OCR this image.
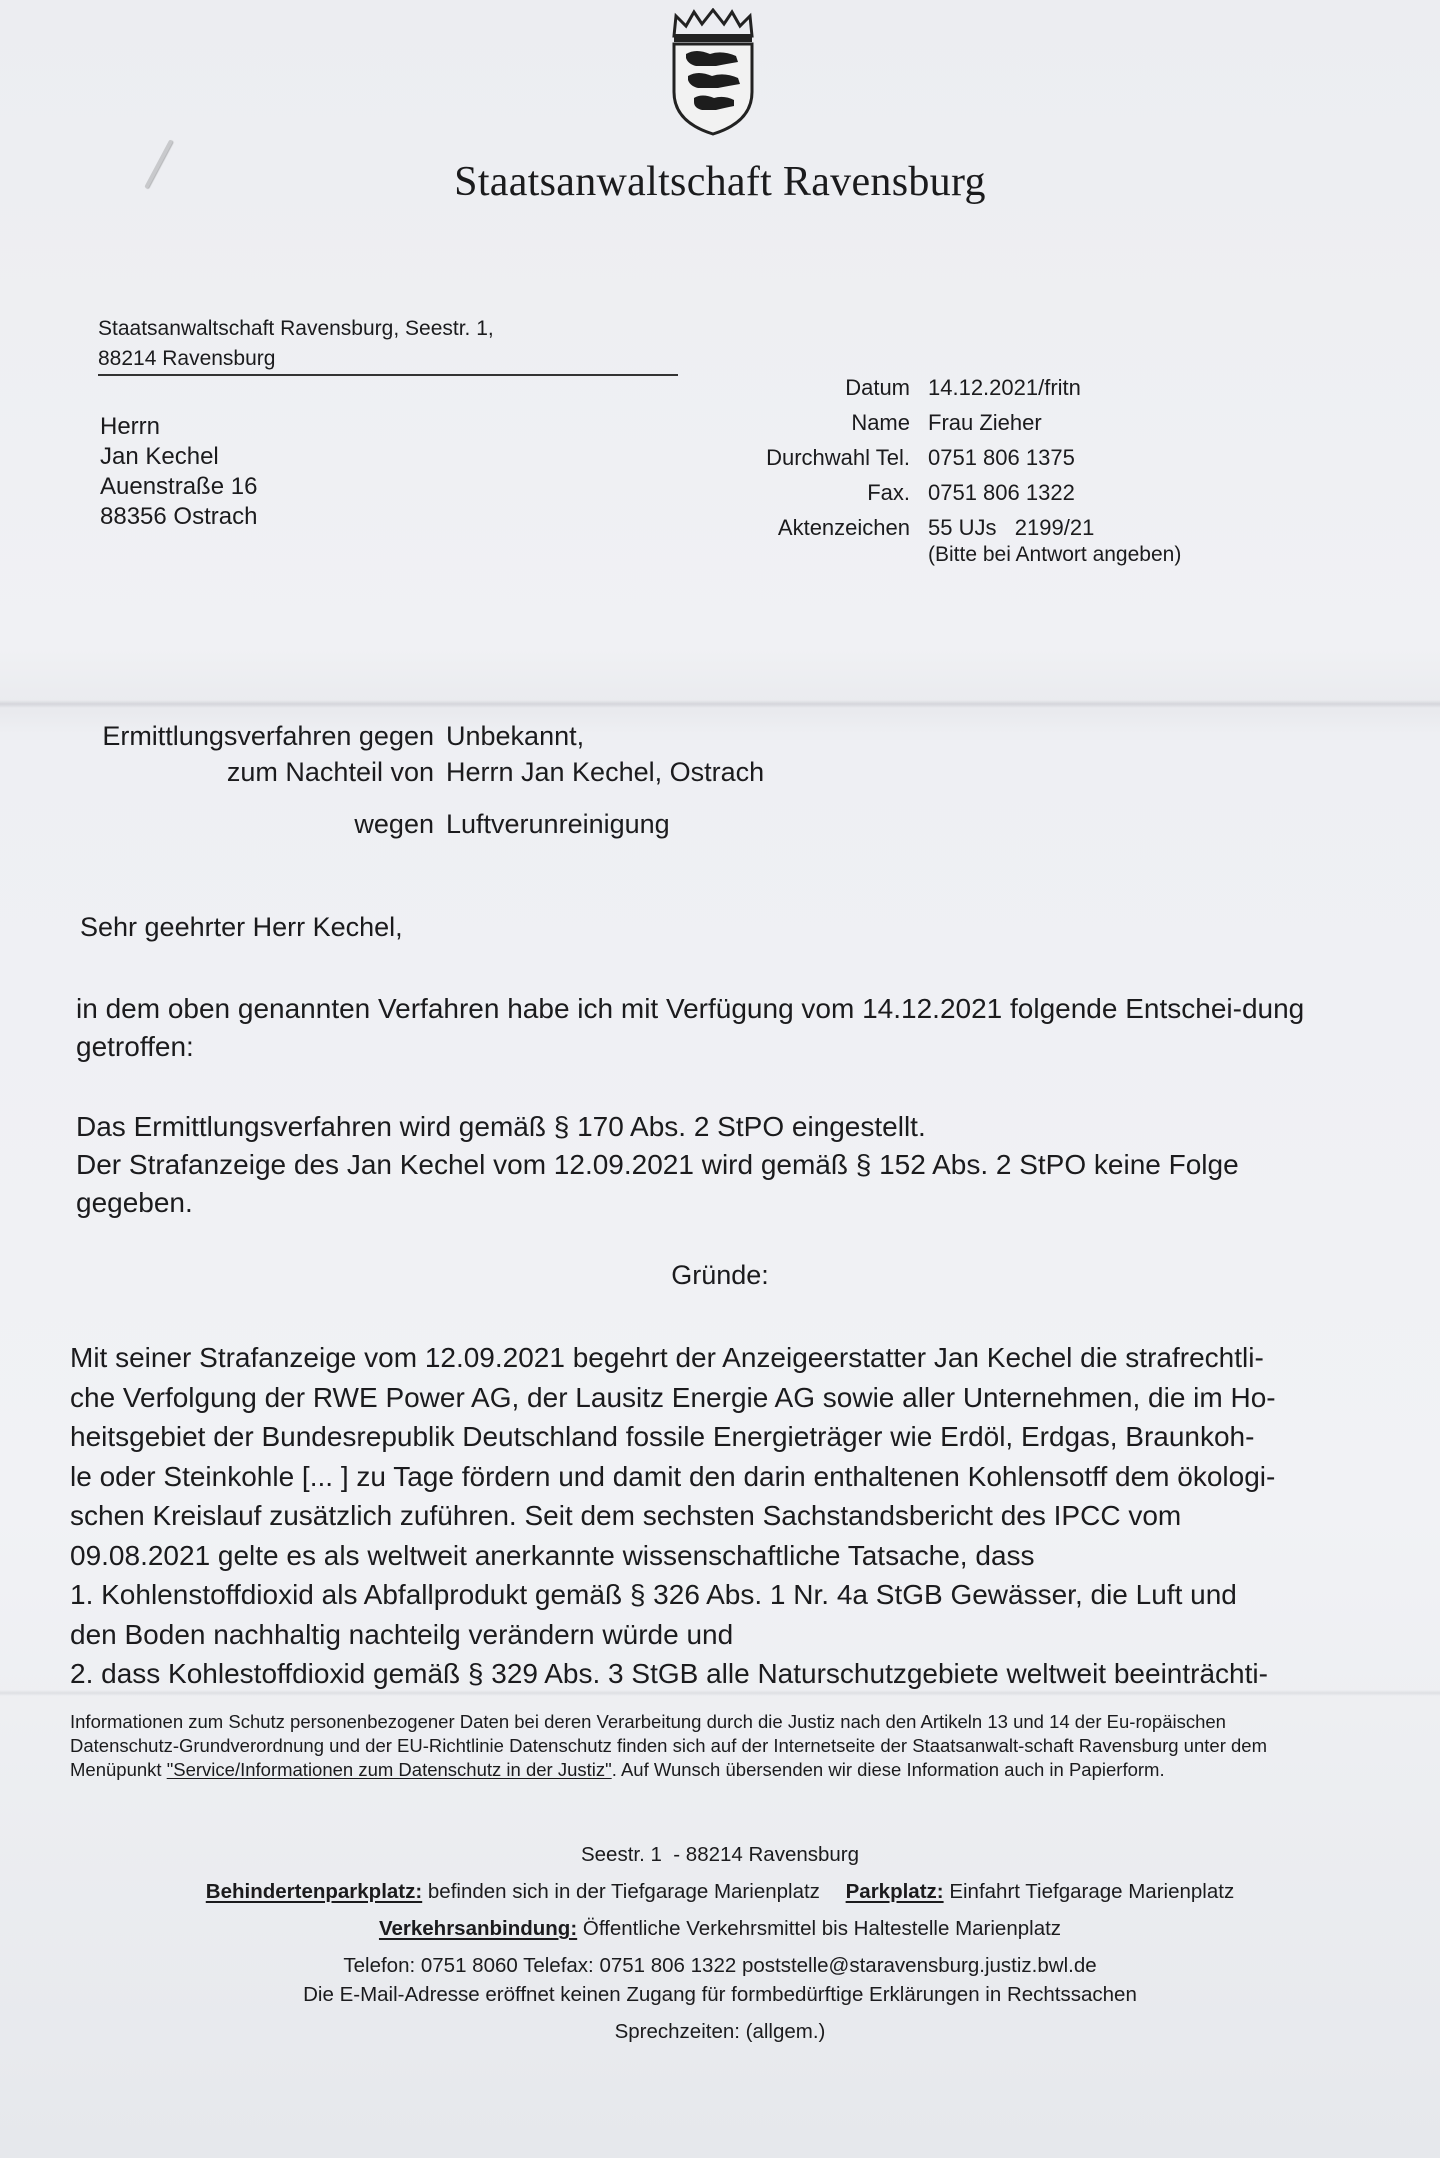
Staatsanwaltschaft Ravensburg
Staatsanwaltschaft Ravensburg, Seestr. 1,
88214 Ravensburg
Herrn
Jan Kechel
Auenstraße 16
88356 Ostrach
Datum 14.12.2021/fritn
Name Frau Zieher
Durchwahl Tel. 0751 806 1375
Fax. 0751 806 1322
Aktenzeichen 55 UJs   2199/21
(Bitte bei Antwort angeben)
Ermittlungsverfahren gegen Unbekannt,
zum Nachteil von Herrn Jan Kechel, Ostrach
wegen Luftverunreinigung
Sehr geehrter Herr Kechel,

in dem oben genannten Verfahren habe ich mit Verfügung vom 14.12.2021 folgende Entschei-dung getroffen:

Das Ermittlungsverfahren wird gemäß § 170 Abs. 2 StPO eingestellt.

Der Strafanzeige des Jan Kechel vom 12.09.2021 wird gemäß § 152 Abs. 2 StPO keine Folge gegeben.

Gründe:

Mit seiner Strafanzeige vom 12.09.2021 begehrt der Anzeigeerstatter Jan Kechel die strafrechtli-

che Verfolgung der RWE Power AG, der Lausitz Energie AG sowie aller Unternehmen, die im Ho-

heitsgebiet der Bundesrepublik Deutschland fossile Energieträger wie Erdöl, Erdgas, Braunkoh-

le oder Steinkohle [... ] zu Tage fördern und damit den darin enthaltenen Kohlensotff dem ökologi-

schen Kreislauf zusätzlich zuführen. Seit dem sechsten Sachstandsbericht des IPCC vom

09.08.2021 gelte es als weltweit anerkannte wissenschaftliche Tatsache, dass

1. Kohlenstoffdioxid als Abfallprodukt gemäß § 326 Abs. 1 Nr. 4a StGB Gewässer, die Luft und

den Boden nachhaltig nachteilg verändern würde und

2. dass Kohlestoffdioxid gemäß § 329 Abs. 3 StGB alle Naturschutzgebiete weltweit beeinträchti-

Informationen zum Schutz personenbezogener Daten bei deren Verarbeitung durch die Justiz nach den Artikeln 13 und 14 der Eu-ropäischen Datenschutz-Grundverordnung und der EU-Richtlinie Datenschutz finden sich auf der Internetseite der Staatsanwalt-schaft Ravensburg unter dem Menüpunkt "Service/Informationen zum Datenschutz in der Justiz". Auf Wunsch übersenden wir diese Information auch in Papierform.
Seestr. 1  - 88214 Ravensburg
Behindertenparkplatz: befinden sich in der Tiefgarage Marienplatz Parkplatz: Einfahrt Tiefgarage Marienplatz
Verkehrsanbindung: Öffentliche Verkehrsmittel bis Haltestelle Marienplatz
Telefon: 0751 8060 Telefax: 0751 806 1322 poststelle@staravensburg.justiz.bwl.de
Die E-Mail-Adresse eröffnet keinen Zugang für formbedürftige Erklärungen in Rechtssachen
Sprechzeiten: (allgem.)
